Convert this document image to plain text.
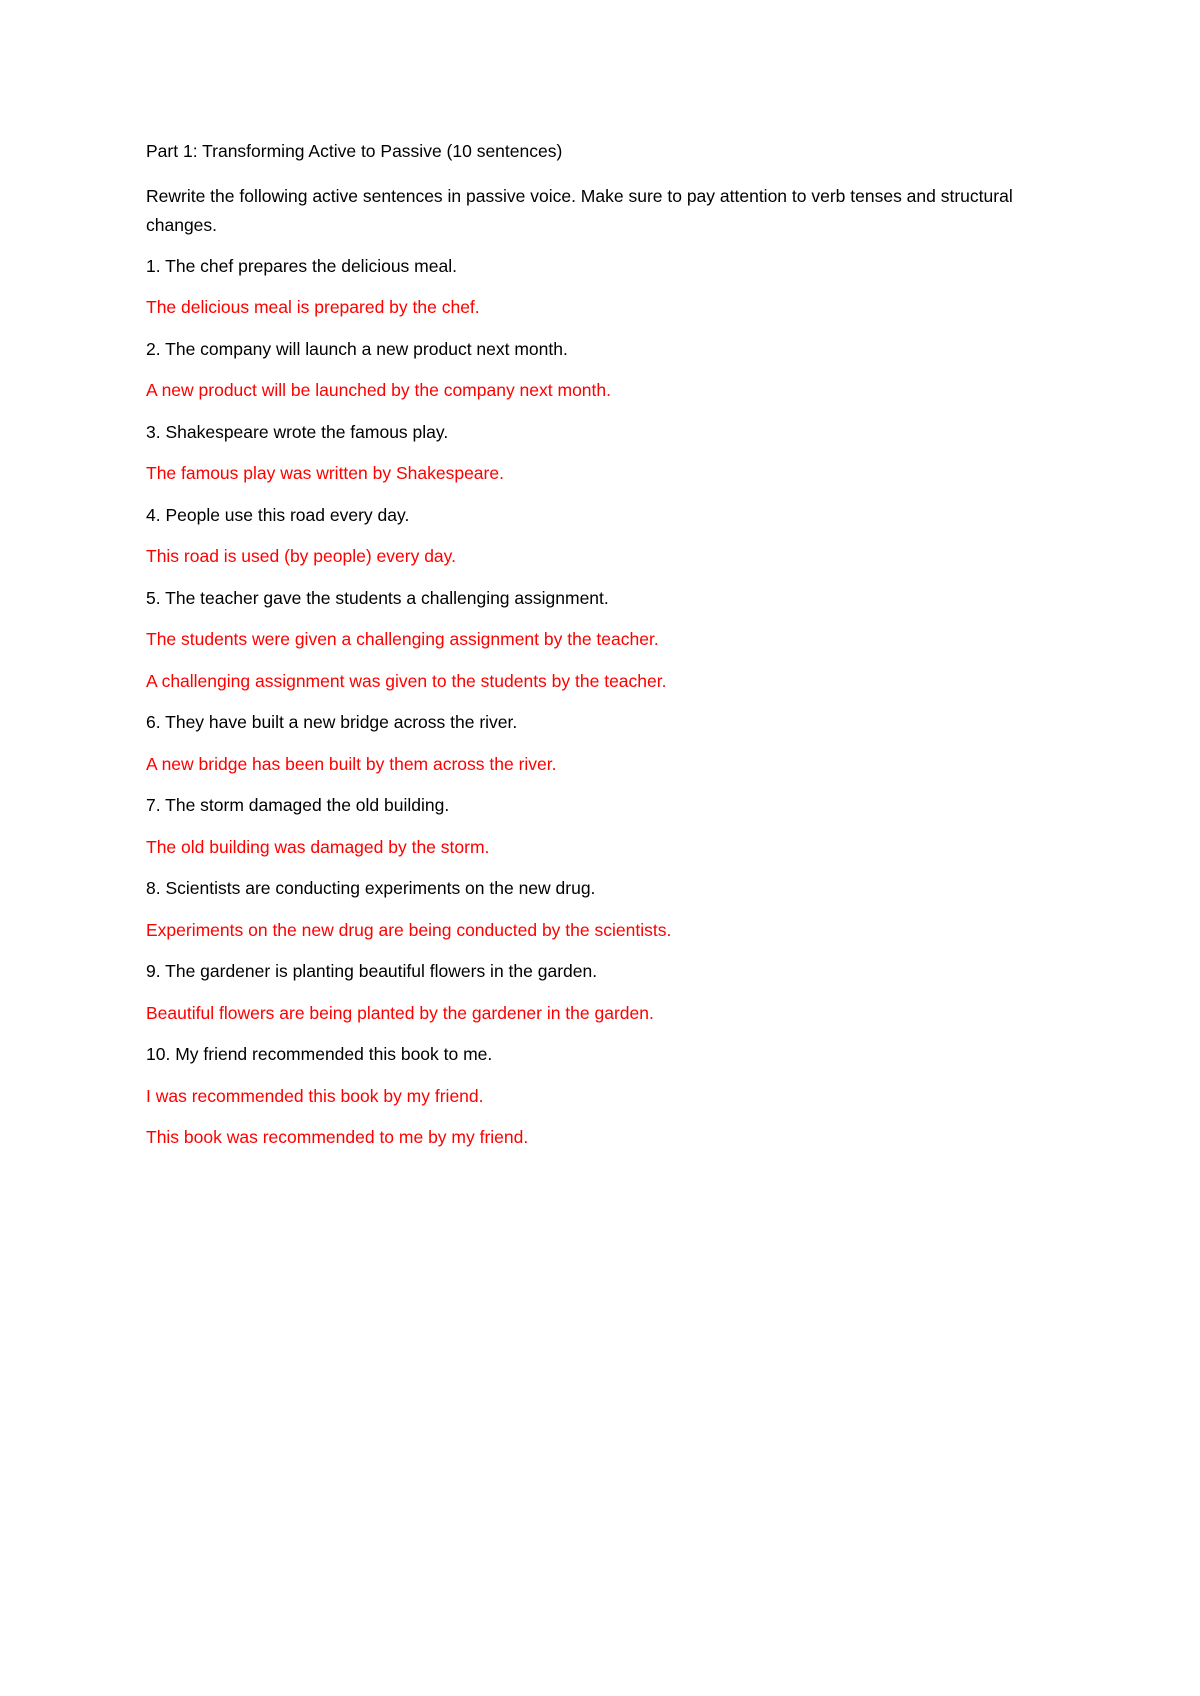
Part 1: Transforming Active to Passive (10 sentences)

Rewrite the following active sentences in passive voice. Make sure to pay attention to verb tenses and structural changes.

1. The chef prepares the delicious meal.

The delicious meal is prepared by the chef.

2. The company will launch a new product next month.

A new product will be launched by the company next month.

3. Shakespeare wrote the famous play.

The famous play was written by Shakespeare.

4. People use this road every day.

This road is used (by people) every day.

5. The teacher gave the students a challenging assignment.

The students were given a challenging assignment by the teacher.

A challenging assignment was given to the students by the teacher.

6. They have built a new bridge across the river.

A new bridge has been built by them across the river.

7. The storm damaged the old building.

The old building was damaged by the storm.

8. Scientists are conducting experiments on the new drug.

Experiments on the new drug are being conducted by the scientists.

9. The gardener is planting beautiful flowers in the garden.

Beautiful flowers are being planted by the gardener in the garden.

10. My friend recommended this book to me.

I was recommended this book by my friend.

This book was recommended to me by my friend.
